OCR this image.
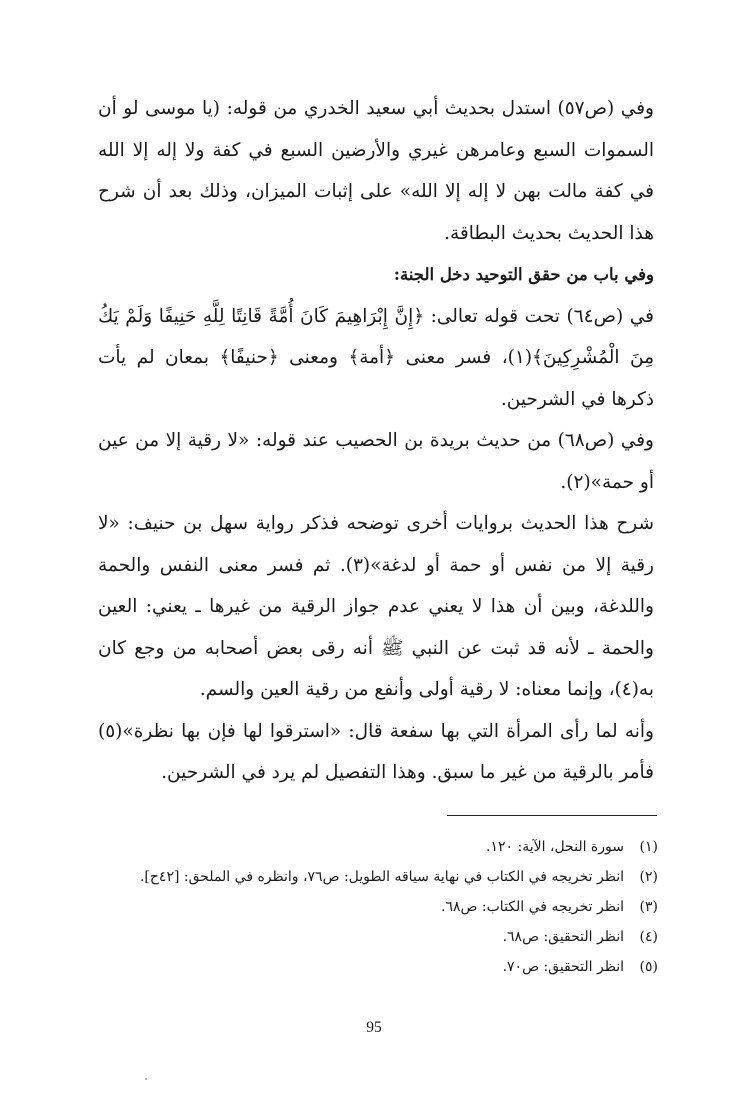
وفي (ص٥٧) استدل بحديث أبي سعيد الخدري من قوله: (يا موسى لو أن السموات السبع وعامرهن غيري والأرضين السبع في كفة ولا إله إلا الله في كفة مالت بهن لا إله إلا الله» على إثبات الميزان، وذلك بعد أن شرح هذا الحديث بحديث البطاقة.

وفي باب من حقق التوحيد دخل الجنة:

في (ص٦٤) تحت قوله تعالى: ﴿إِنَّ إِبْرَاهِيمَ كَانَ أُمَّةً قَانِتًا لِلَّهِ حَنِيفًا وَلَمْ يَكُ مِنَ الْمُشْرِكِينَ﴾(١)، فسر معنى ﴿أمة﴾ ومعنى ﴿حنيفًا﴾ بمعان لم يأت ذكرها في الشرحين.

وفي (ص٦٨) من حديث بريدة بن الحصيب عند قوله: «لا رقية إلا من عين أو حمة»(٢).

شرح هذا الحديث بروايات أخرى توضحه فذكر رواية سهل بن حنيف: «لا رقية إلا من نفس أو حمة أو لدغة»(٣). ثم فسر معنى النفس والحمة واللدغة، وبين أن هذا لا يعني عدم جواز الرقية من غيرها ـ يعني: العين والحمة ـ لأنه قد ثبت عن النبي ﷺ أنه رقى بعض أصحابه من وجع كان به(٤)، وإنما معناه: لا رقية أولى وأنفع من رقية العين والسم.

وأنه لما رأى المرأة التي بها سفعة قال: «استرقوا لها فإن بها نظرة»(٥) فأمر بالرقية من غير ما سبق. وهذا التفصيل لم يرد في الشرحين.

(١)
سورة النحل، الآية: ١٢٠.
(٢)
انظر تخريجه في الكتاب في نهاية سياقه الطويل: ص٧٦، وانظره في الملحق: [٤٢ح].
(٣)
انظر تخريجه في الكتاب: ص٦٨.
(٤)
انظر التحقيق: ص٦٨.
(٥)
انظر التحقيق: ص٧٠.
95
